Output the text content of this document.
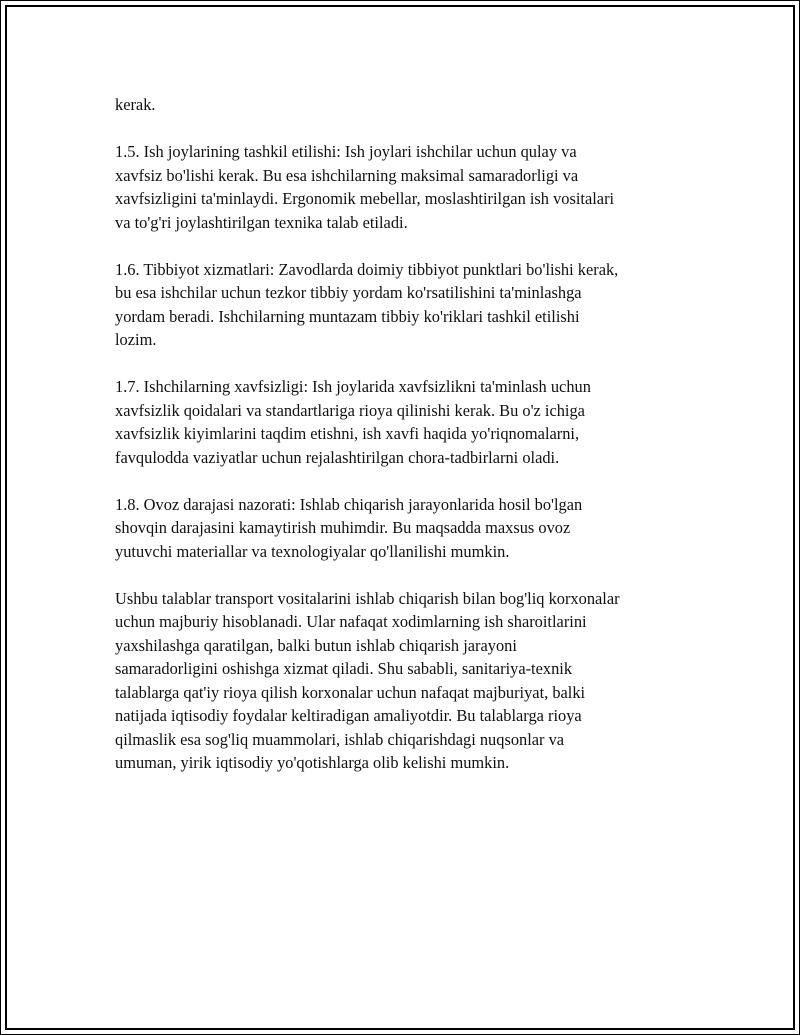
kerak.

1.5. Ish joylarining tashkil etilishi: Ish joylari ishchilar uchun qulay va
xavfsiz bo'lishi kerak. Bu esa ishchilarning maksimal samaradorligi va
xavfsizligini ta'minlaydi. Ergonomik mebellar, moslashtirilgan ish vositalari
va to'g'ri joylashtirilgan texnika talab etiladi.

1.6. Tibbiyot xizmatlari: Zavodlarda doimiy tibbiyot punktlari bo'lishi kerak,
bu esa ishchilar uchun tezkor tibbiy yordam ko'rsatilishini ta'minlashga
yordam beradi. Ishchilarning muntazam tibbiy ko'riklari tashkil etilishi
lozim.

1.7. Ishchilarning xavfsizligi: Ish joylarida xavfsizlikni ta'minlash uchun
xavfsizlik qoidalari va standartlariga rioya qilinishi kerak. Bu o'z ichiga
xavfsizlik kiyimlarini taqdim etishni, ish xavfi haqida yo'riqnomalarni,
favqulodda vaziyatlar uchun rejalashtirilgan chora-tadbirlarni oladi.

1.8. Ovoz darajasi nazorati: Ishlab chiqarish jarayonlarida hosil bo'lgan
shovqin darajasini kamaytirish muhimdir. Bu maqsadda maxsus ovoz
yutuvchi materiallar va texnologiyalar qo'llanilishi mumkin.

Ushbu talablar transport vositalarini ishlab chiqarish bilan bog'liq korxonalar
uchun majburiy hisoblanadi. Ular nafaqat xodimlarning ish sharoitlarini
yaxshilashga qaratilgan, balki butun ishlab chiqarish jarayoni
samaradorligini oshishga xizmat qiladi. Shu sababli, sanitariya-texnik
talablarga qat'iy rioya qilish korxonalar uchun nafaqat majburiyat, balki
natijada iqtisodiy foydalar keltiradigan amaliyotdir. Bu talablarga rioya
qilmaslik esa sog'liq muammolari, ishlab chiqarishdagi nuqsonlar va
umuman, yirik iqtisodiy yo'qotishlarga olib kelishi mumkin.
